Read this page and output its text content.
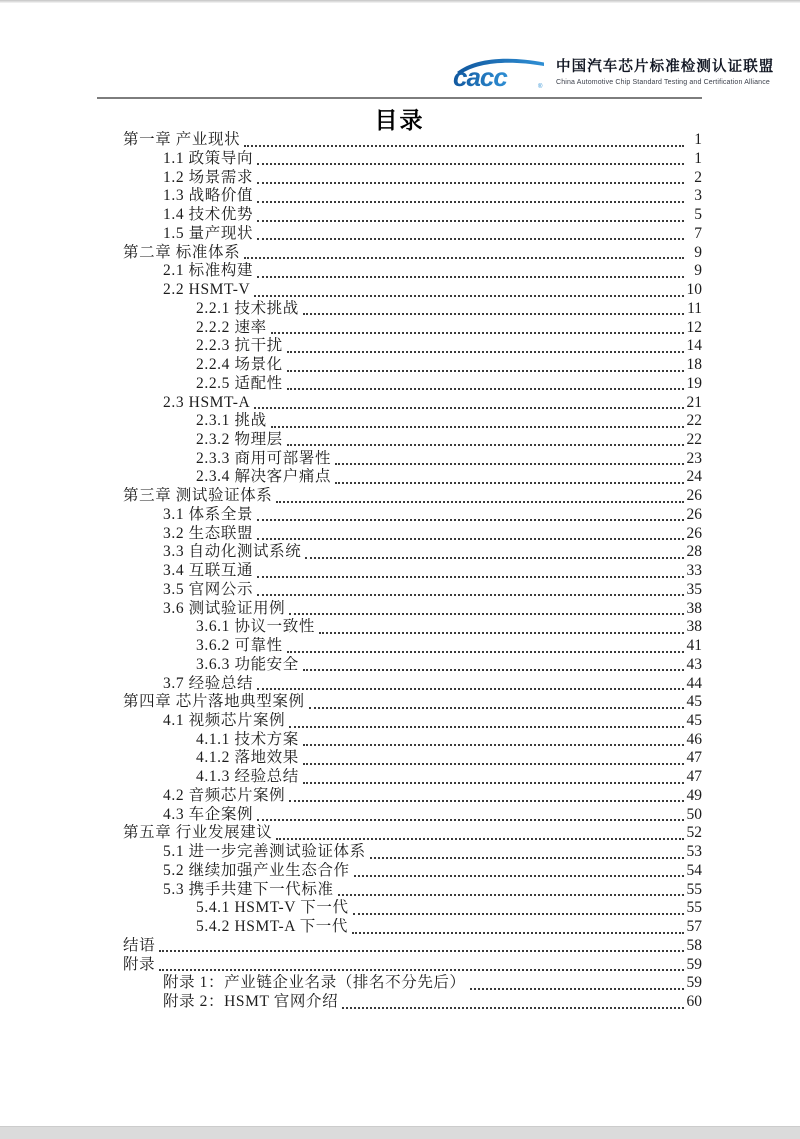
cacc	®
中国汽车芯片标准检测认证联盟
China Automotive Chip Standard Testing and Certification Alliance
目录
第一章 产业现状	1
1.1 政策导向	1
1.2 场景需求	2
1.3 战略价值	3
1.4 技术优势	5
1.5 量产现状	7
第二章 标准体系	9
2.1 标准构建	9
2.2 HSMT-V	10
2.2.1 技术挑战	11
2.2.2 速率	12
2.2.3 抗干扰	14
2.2.4 场景化	18
2.2.5 适配性	19
2.3 HSMT-A	21
2.3.1 挑战	22
2.3.2 物理层	22
2.3.3 商用可部署性	23
2.3.4 解决客户痛点	24
第三章 测试验证体系	26
3.1 体系全景	26
3.2 生态联盟	26
3.3 自动化测试系统	28
3.4 互联互通	33
3.5 官网公示	35
3.6 测试验证用例	38
3.6.1 协议一致性	38
3.6.2 可靠性	41
3.6.3 功能安全	43
3.7 经验总结	44
第四章 芯片落地典型案例	45
4.1 视频芯片案例	45
4.1.1 技术方案	46
4.1.2 落地效果	47
4.1.3 经验总结	47
4.2 音频芯片案例	49
4.3 车企案例	50
第五章 行业发展建议	52
5.1 进一步完善测试验证体系	53
5.2 继续加强产业生态合作	54
5.3 携手共建下一代标准	55
5.4.1 HSMT-V 下一代	55
5.4.2 HSMT-A 下一代	57
结语	58
附录	59
附录 1：产业链企业名录（排名不分先后）	59
附录 2：HSMT 官网介绍	60
